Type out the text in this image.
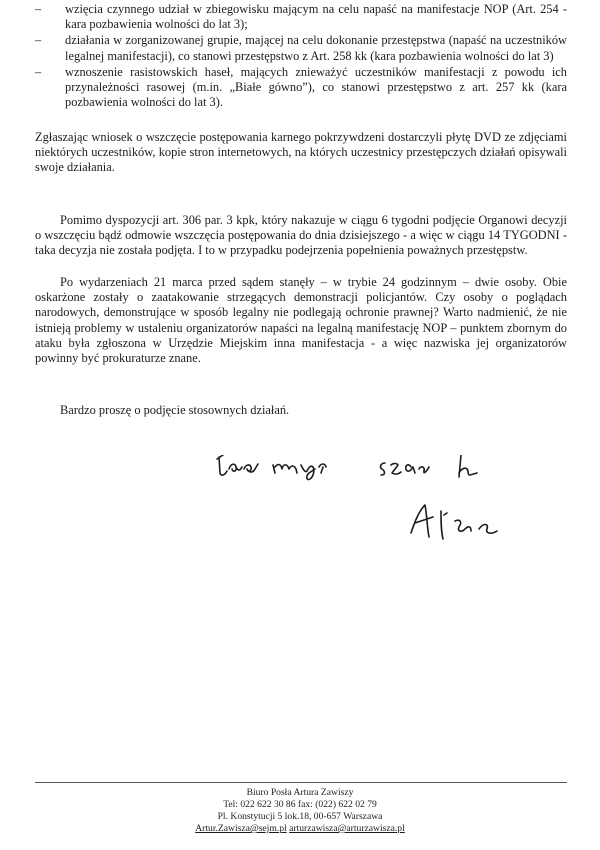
– wzięcia czynnego udział w zbiegowisku mającym na celu napaść na manifestacje NOP (Art. 254 - kara pozbawienia wolności do lat 3);
– działania w zorganizowanej grupie, mającej na celu dokonanie przestępstwa (napaść na uczestników legalnej manifestacji), co stanowi przestępstwo z Art. 258 kk (kara pozbawienia wolności do lat 3)
– wznoszenie rasistowskich haseł, mających znieważyć uczestników manifestacji z powodu ich przynależności rasowej (m.in. „Białe gówno”), co stanowi przestępstwo z art. 257 kk (kara pozbawienia wolności do lat 3).

Zgłaszając wniosek o wszczęcie postępowania karnego pokrzywdzeni dostarczyli płytę DVD ze zdjęciami niektórych uczestników, kopie stron internetowych, na których uczestnicy przestępczych działań opisywali swoje działania.

Pomimo dyspozycji art. 306 par. 3 kpk, który nakazuje w ciągu 6 tygodni podjęcie Organowi decyzji o wszczęciu bądź odmowie wszczęcia postępowania do dnia dzisiejszego - a więc w ciągu 14 TYGODNI - taka decyzja nie została podjęta. I to w przypadku podejrzenia popełnienia poważnych przestępstw.

Po wydarzeniach 21 marca przed sądem stanęły – w trybie 24 godzinnym – dwie osoby. Obie oskarżone zostały o zaatakowanie strzegących demonstracji policjantów. Czy osoby o poglądach narodowych, demonstrujące w sposób legalny nie podlegają ochronie prawnej? Warto nadmienić, że nie istnieją problemy w ustaleniu organizatorów napaści na legalną manifestację NOP – punktem zbornym do ataku była zgłoszona w Urzędzie Miejskim inna manifestacja - a więc nazwiska jej organizatorów powinny być prokuraturze znane.

Bardzo proszę o podjęcie stosownych działań.

Biuro Posła Artura Zawiszy
Tel: 022 622 30 86 fax: (022) 622 02 79
Pl. Konstytucji 5 lok.18, 00-657 Warszawa
Artur.Zawisza@sejm.pl arturzawisza@arturzawisza.pl
